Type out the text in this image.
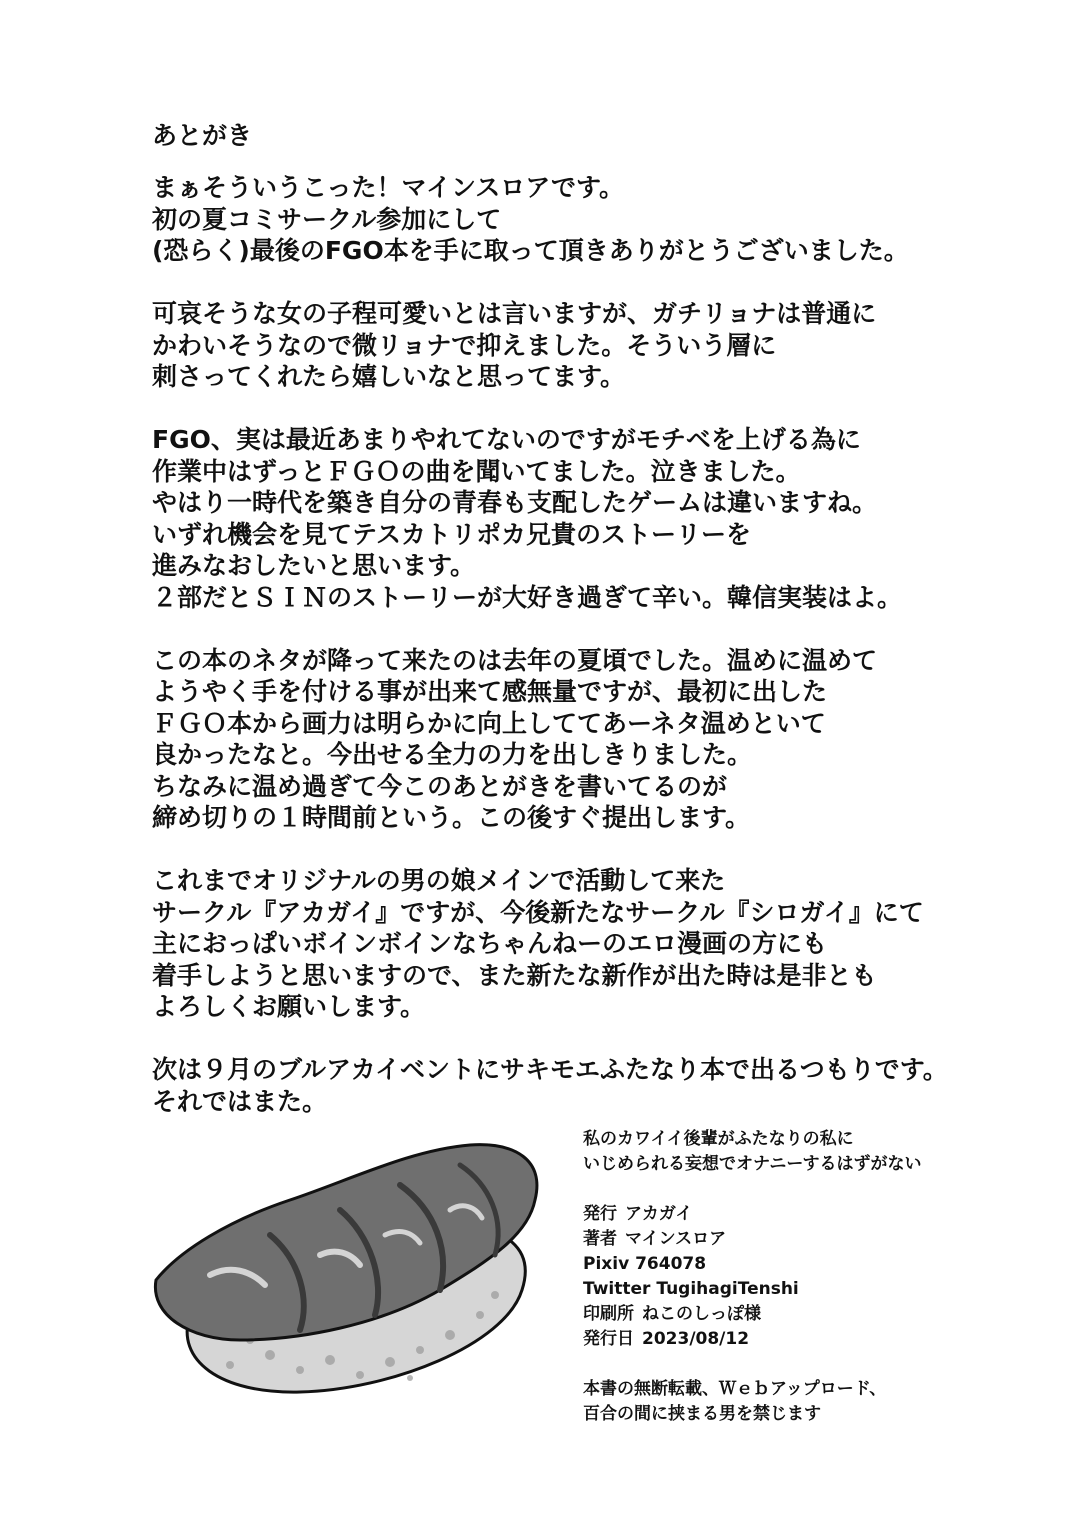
あとがき

まぁそういうこった！マインスロアです。
初の夏コミサークル参加にして
(恐らく)最後のFGO本を手に取って頂きありがとうございました。

可哀そうな女の子程可愛いとは言いますが、ガチリョナは普通に
かわいそうなので微リョナで抑えました。そういう層に
刺さってくれたら嬉しいなと思ってます。

FGO、実は最近あまりやれてないのですがモチベを上げる為に
作業中はずっとＦＧＯの曲を聞いてました。泣きました。
やはり一時代を築き自分の青春も支配したゲームは違いますね。
いずれ機会を見てテスカトリポカ兄貴のストーリーを
進みなおしたいと思います。
２部だとＳＩＮのストーリーが大好き過ぎて辛い。韓信実装はよ。

この本のネタが降って来たのは去年の夏頃でした。温めに温めて
ようやく手を付ける事が出来て感無量ですが、最初に出した
ＦＧＯ本から画力は明らかに向上しててあーネタ温めといて
良かったなと。今出せる全力の力を出しきりました。
ちなみに温め過ぎて今このあとがきを書いてるのが
締め切りの１時間前という。この後すぐ提出します。

これまでオリジナルの男の娘メインで活動して来た
サークル『アカガイ』ですが、今後新たなサークル『シロガイ』にて
主におっぱいボインボインなちゃんねーのエロ漫画の方にも
着手しようと思いますので、また新たな新作が出た時は是非とも
よろしくお願いします。

次は９月のブルアカイベントにサキモエふたなり本で出るつもりです。
それではまた。

私のカワイイ後輩がふたなりの私に
いじめられる妄想でオナニーするはずがない

発行 アカガイ
著者 マインスロア
Pixiv 764078
Twitter TugihagiTenshi
印刷所 ねこのしっぽ様
発行日 2023/08/12

本書の無断転載、Ｗｅｂアップロード、
百合の間に挟まる男を禁じます
